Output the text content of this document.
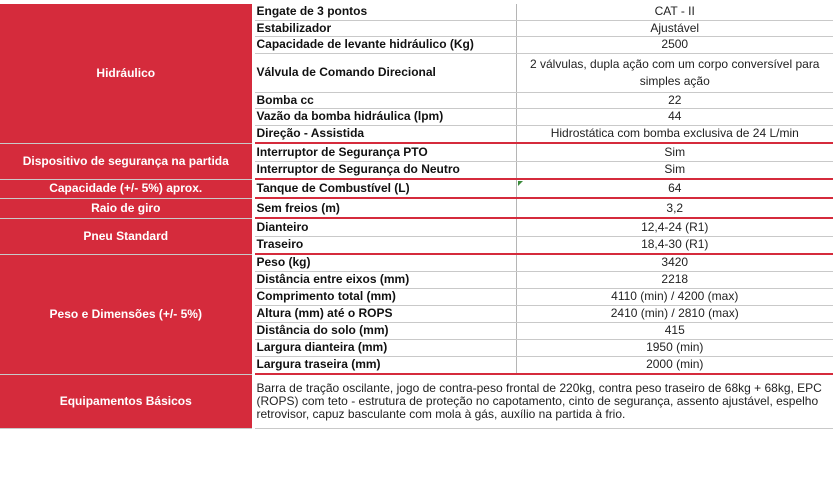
Hidráulico	Engate de 3 pontos	CAT - II
	Estabilizador	Ajustável
	Capacidade de levante hidráulico (Kg)	2500
	Válvula de Comando Direcional	2 válvulas, dupla ação com um corpo conversível para simples ação
	Bomba cc	22
	Vazão da bomba hidráulica (lpm)	44
	Direção - Assistida	Hidrostática com bomba exclusiva de 24 L/min
Dispositivo de segurança na partida	Interruptor de Segurança PTO	Sim
	Interruptor de Segurança do Neutro	Sim
Capacidade (+/- 5%) aprox.	Tanque de Combustível (L)	64
Raio de giro	Sem freios (m)	3,2
Pneu Standard	Dianteiro	12,4-24 (R1)
	Traseiro	18,4-30 (R1)
Peso e Dimensões (+/- 5%)	Peso (kg)	3420
	Distância entre eixos (mm)	2218
	Comprimento total (mm)	4110 (min) / 4200 (max)
	Altura (mm) até o ROPS	2410 (min) / 2810 (max)
	Distância do solo (mm)	415
	Largura dianteira (mm)	1950 (min)
	Largura traseira (mm)	2000 (min)
Equipamentos Básicos	Barra de tração oscilante, jogo de contra-peso frontal de 220kg, contra peso traseiro de 68kg + 68kg, EPC (ROPS) com teto - estrutura de proteção no capotamento, cinto de segurança, assento ajustável, espelho retrovisor, capuz basculante com mola à gás, auxílio na partida à frio.	
